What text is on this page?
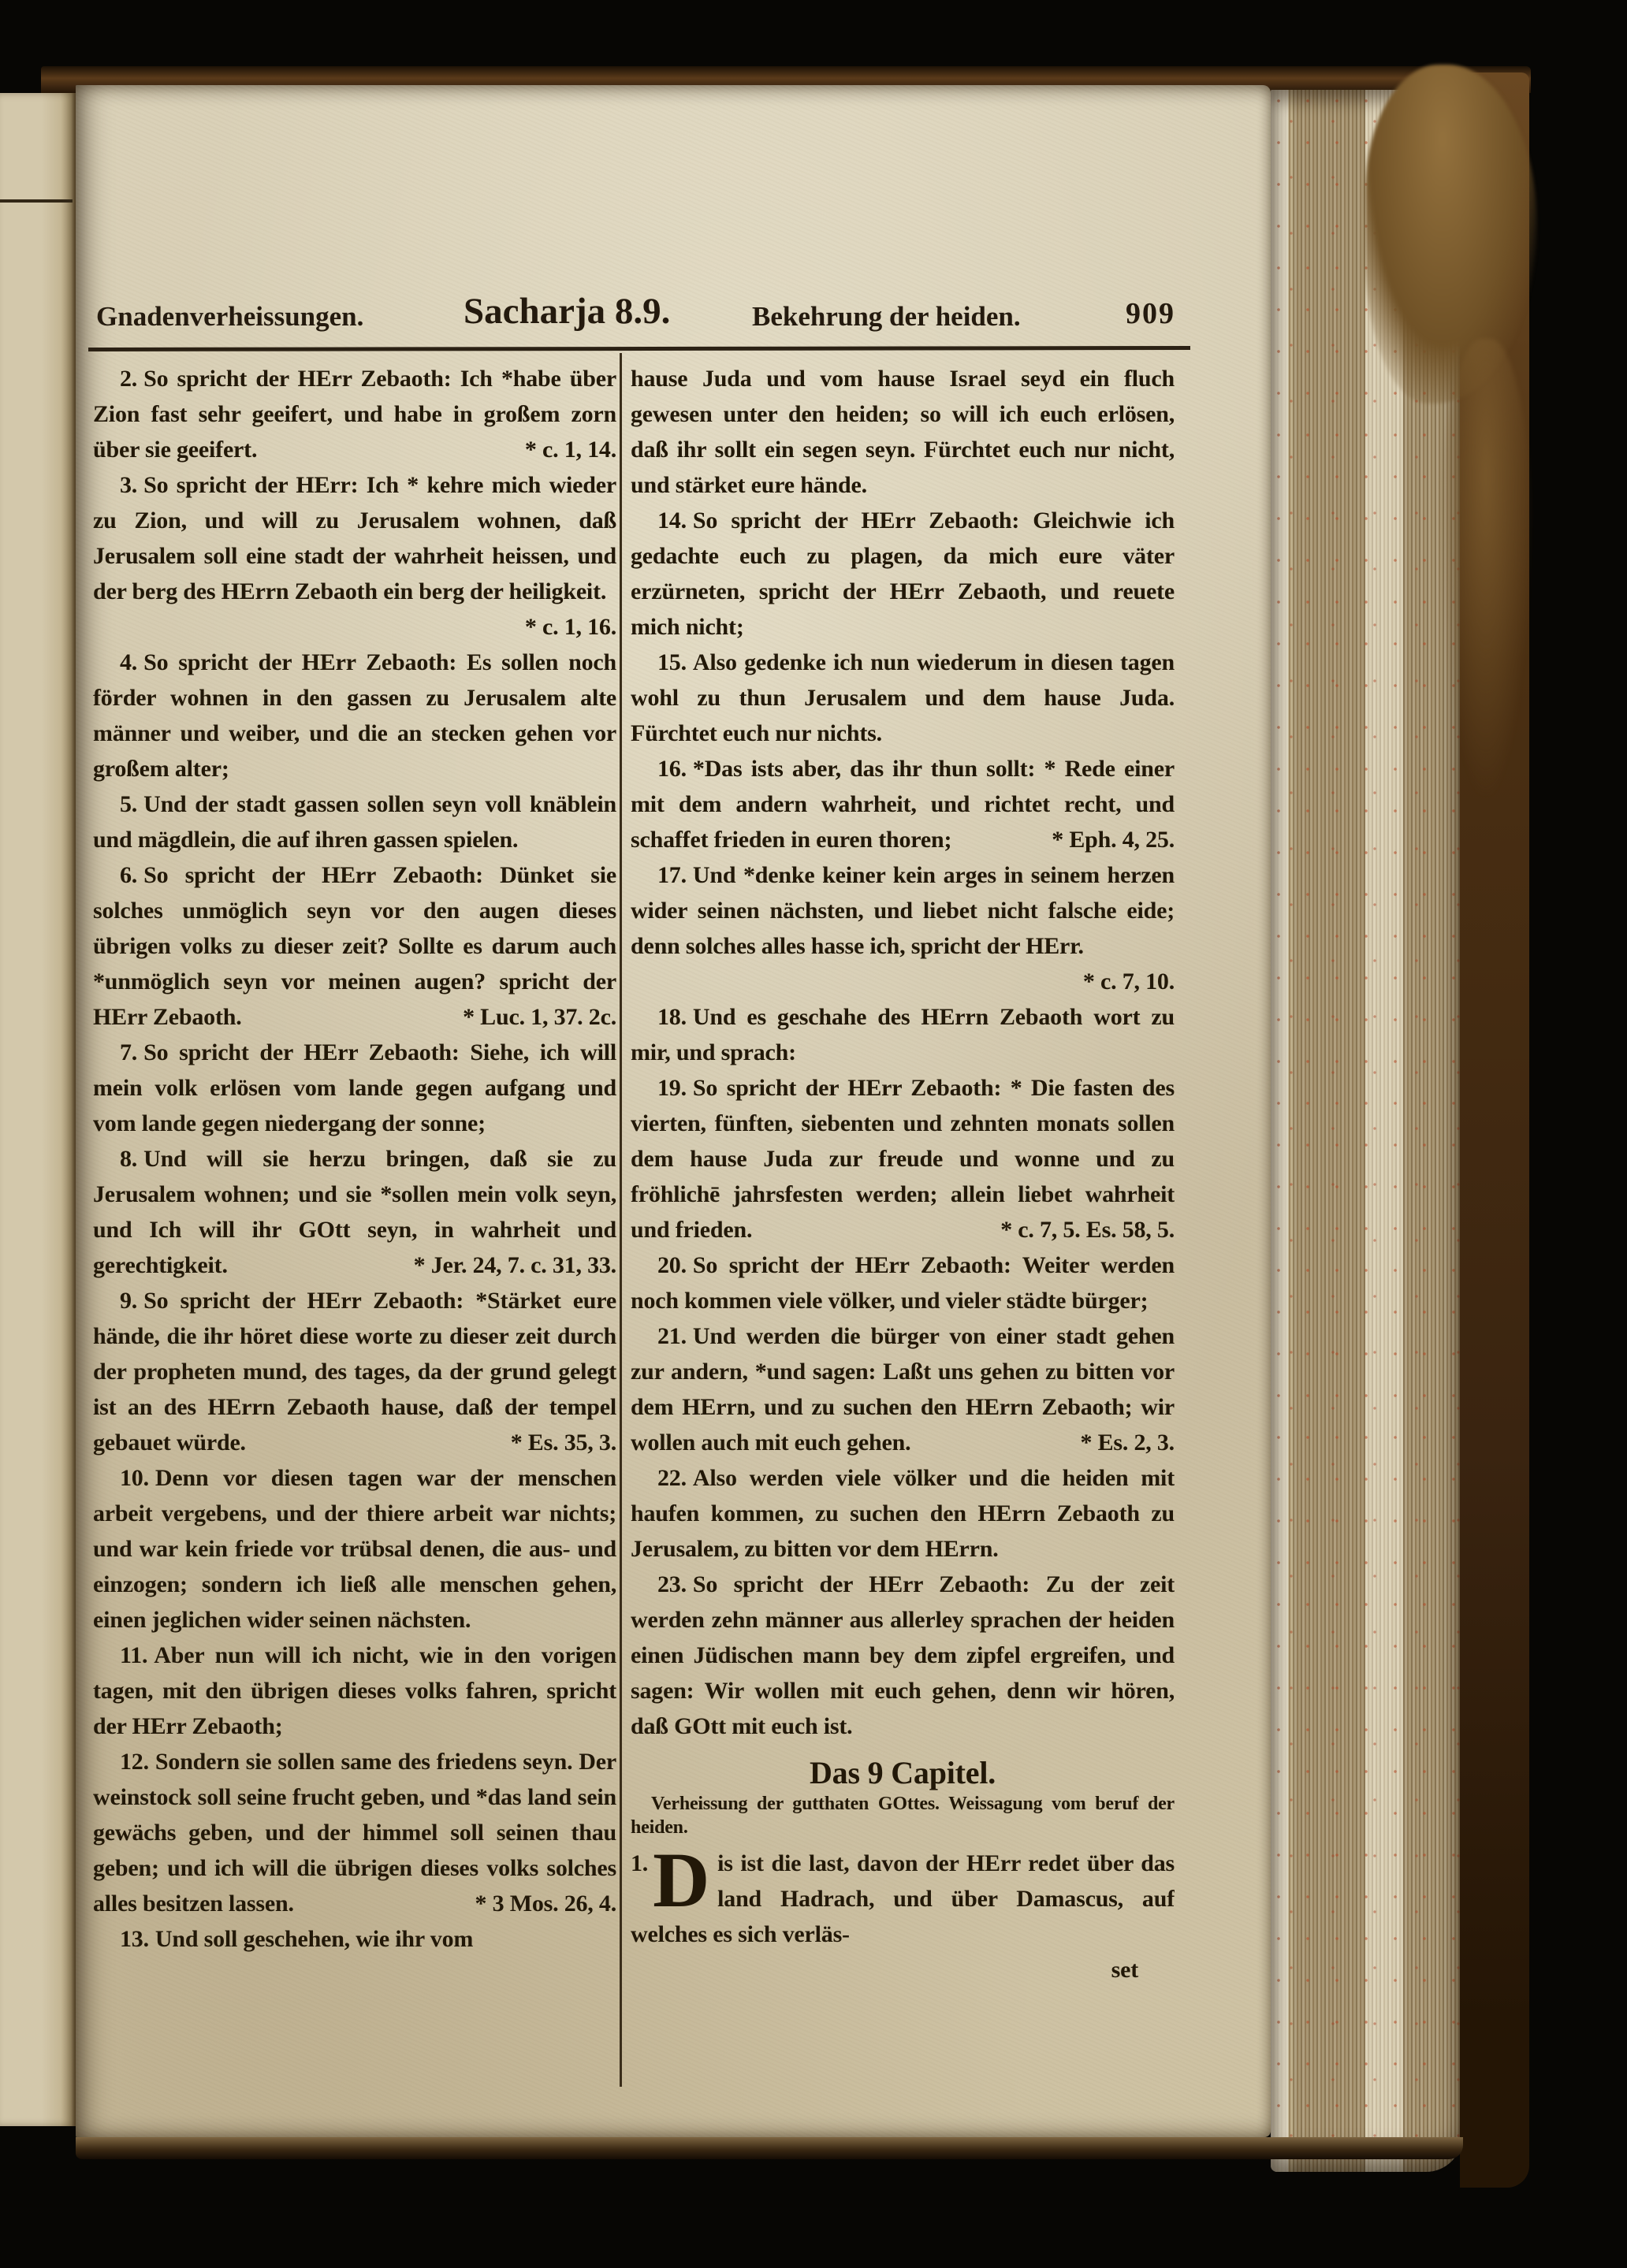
Gnadenverheissungen.	Sacharja 8.9.	Bekehrung der heiden.	909

2. So spricht der HErr Zebaoth: Ich *habe über Zion fast sehr geeifert, und habe in großem zorn über sie geeifert.	* c. 1, 14.

3. So spricht der HErr: Ich * kehre mich wieder zu Zion, und will zu Jerusalem wohnen, daß Jerusalem soll eine stadt der wahrheit heissen, und der berg des HErrn Zebaoth ein berg der heiligkeit.
* c. 1, 16.

4. So spricht der HErr Zebaoth: Es sollen noch förder wohnen in den gassen zu Jerusalem alte männer und weiber, und die an stecken gehen vor großem alter;

5. Und der stadt gassen sollen seyn voll knäblein und mägdlein, die auf ihren gassen spielen.

6. So spricht der HErr Zebaoth: Dünket sie solches unmöglich seyn vor den augen dieses übrigen volks zu dieser zeit? Sollte es darum auch *unmöglich seyn vor meinen augen? spricht der HErr Zebaoth.	* Luc. 1, 37. 2c.

7. So spricht der HErr Zebaoth: Siehe, ich will mein volk erlösen vom lande gegen aufgang und vom lande gegen niedergang der sonne;

8. Und will sie herzu bringen, daß sie zu Jerusalem wohnen; und sie *sollen mein volk seyn, und Ich will ihr GOtt seyn, in wahrheit und gerechtigkeit.	* Jer. 24, 7. c. 31, 33.

9. So spricht der HErr Zebaoth: *Stärket eure hände, die ihr höret diese worte zu dieser zeit durch der propheten mund, des tages, da der grund gelegt ist an des HErrn Zebaoth hause, daß der tempel gebauet würde.	* Es. 35, 3.

10. Denn vor diesen tagen war der menschen arbeit vergebens, und der thiere arbeit war nichts; und war kein friede vor trübsal denen, die aus- und einzogen; sondern ich ließ alle menschen gehen, einen jeglichen wider seinen nächsten.

11. Aber nun will ich nicht, wie in den vorigen tagen, mit den übrigen dieses volks fahren, spricht der HErr Zebaoth;

12. Sondern sie sollen same des friedens seyn. Der weinstock soll seine frucht geben, und *das land sein gewächs geben, und der himmel soll seinen thau geben; und ich will die übrigen dieses volks solches alles besitzen lassen.	* 3 Mos. 26, 4.

13. Und soll geschehen, wie ihr vom

hause Juda und vom hause Israel seyd ein fluch gewesen unter den heiden; so will ich euch erlösen, daß ihr sollt ein segen seyn. Fürchtet euch nur nicht, und stärket eure hände.

14. So spricht der HErr Zebaoth: Gleichwie ich gedachte euch zu plagen, da mich eure väter erzürneten, spricht der HErr Zebaoth, und reuete mich nicht;

15. Also gedenke ich nun wiederum in diesen tagen wohl zu thun Jerusalem und dem hause Juda. Fürchtet euch nur nichts.

16. *Das ists aber, das ihr thun sollt: * Rede einer mit dem andern wahrheit, und richtet recht, und schaffet frieden in euren thoren;	* Eph. 4, 25.

17. Und *denke keiner kein arges in seinem herzen wider seinen nächsten, und liebet nicht falsche eide; denn solches alles hasse ich, spricht der HErr.
* c. 7, 10.

18. Und es geschahe des HErrn Zebaoth wort zu mir, und sprach:

19. So spricht der HErr Zebaoth: * Die fasten des vierten, fünften, siebenten und zehnten monats sollen dem hause Juda zur freude und wonne und zu fröhlichē jahrsfesten werden; allein liebet wahrheit und frieden.	* c. 7, 5. Es. 58, 5.

20. So spricht der HErr Zebaoth: Weiter werden noch kommen viele völker, und vieler städte bürger;

21. Und werden die bürger von einer stadt gehen zur andern, *und sagen: Laßt uns gehen zu bitten vor dem HErrn, und zu suchen den HErrn Zebaoth; wir wollen auch mit euch gehen.	* Es. 2, 3.

22. Also werden viele völker und die heiden mit haufen kommen, zu suchen den HErrn Zebaoth zu Jerusalem, zu bitten vor dem HErrn.

23. So spricht der HErr Zebaoth: Zu der zeit werden zehn männer aus allerley sprachen der heiden einen Jüdischen mann bey dem zipfel ergreifen, und sagen: Wir wollen mit euch gehen, denn wir hören, daß GOtt mit euch ist.

Das 9 Capitel.

Verheissung der gutthaten GOttes. Weissagung vom beruf der heiden.

1. D is ist die last, davon der HErr redet über das land Hadrach, und über Damascus, auf welches es sich verläs-

set
